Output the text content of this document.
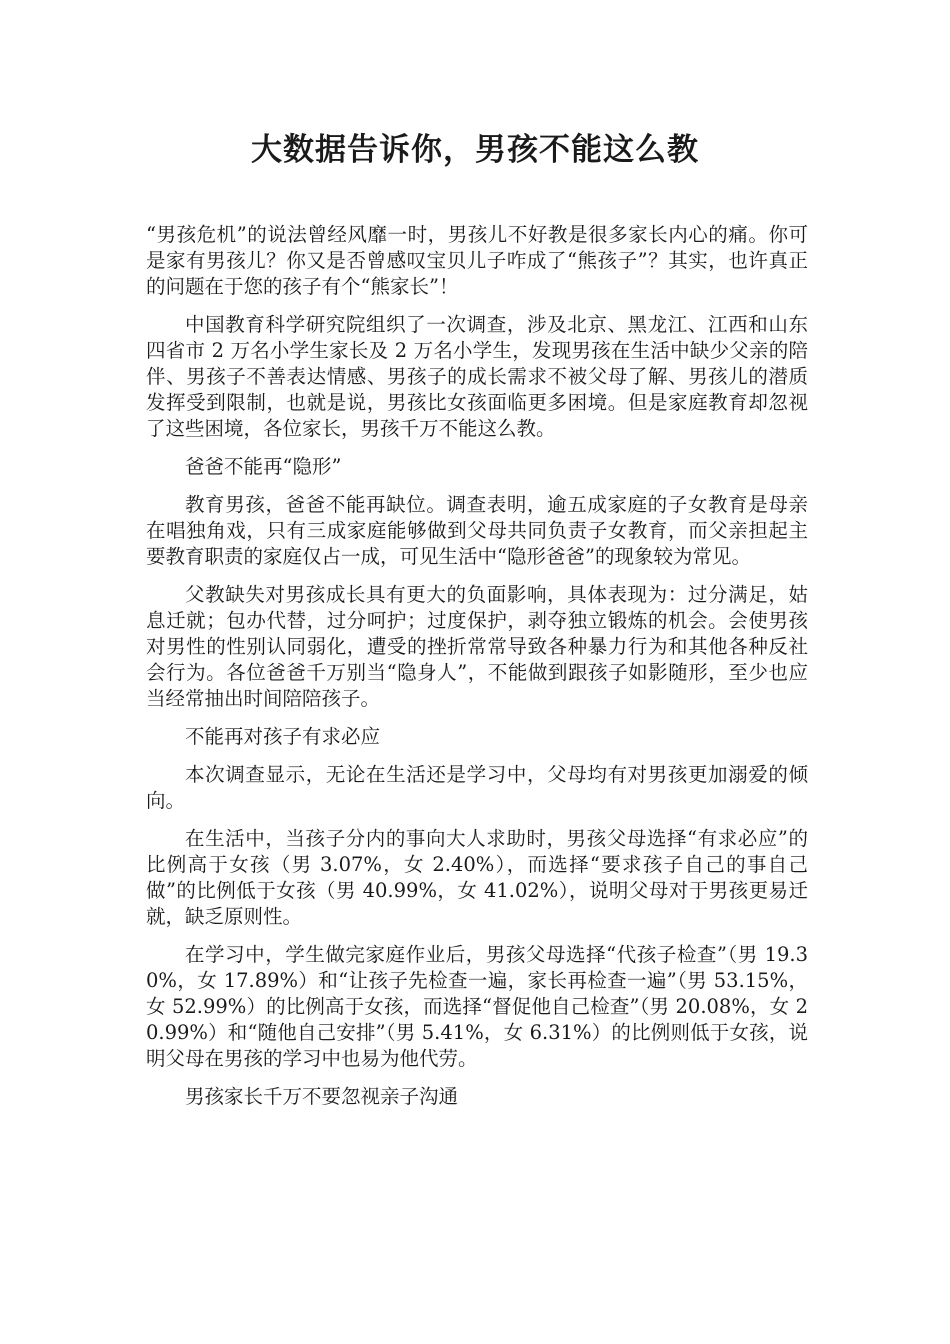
大数据告诉你，男孩不能这么教

“男孩危机”的说法曾经风靡一时，男孩儿不好教是很多家长内心的痛。你可是家有男孩儿？你又是否曾感叹宝贝儿子咋成了“熊孩子”？其实，也许真正的问题在于您的孩子有个“熊家长”！

中国教育科学研究院组织了一次调查，涉及北京、黑龙江、江西和山东四省市 2 万名小学生家长及 2 万名小学生，发现男孩在生活中缺少父亲的陪伴、男孩子不善表达情感、男孩子的成长需求不被父母了解、男孩儿的潜质发挥受到限制，也就是说，男孩比女孩面临更多困境。但是家庭教育却忽视了这些困境，各位家长，男孩千万不能这么教。

爸爸不能再“隐形”

教育男孩，爸爸不能再缺位。调查表明，逾五成家庭的子女教育是母亲在唱独角戏，只有三成家庭能够做到父母共同负责子女教育，而父亲担起主要教育职责的家庭仅占一成，可见生活中“隐形爸爸”的现象较为常见。

父教缺失对男孩成长具有更大的负面影响，具体表现为：过分满足，姑息迁就；包办代替，过分呵护；过度保护，剥夺独立锻炼的机会。会使男孩对男性的性别认同弱化，遭受的挫折常常导致各种暴力行为和其他各种反社会行为。各位爸爸千万别当“隐身人”，不能做到跟孩子如影随形，至少也应当经常抽出时间陪陪孩子。

不能再对孩子有求必应

本次调查显示，无论在生活还是学习中，父母均有对男孩更加溺爱的倾向。

在生活中，当孩子分内的事向大人求助时，男孩父母选择“有求必应”的比例高于女孩（男 3.07%，女 2.40%），而选择“要求孩子自己的事自己做”的比例低于女孩（男 40.99%，女 41.02%），说明父母对于男孩更易迁就，缺乏原则性。

在学习中，学生做完家庭作业后，男孩父母选择“代孩子检查”（男 19.30%，女 17.89%）和“让孩子先检查一遍，家长再检查一遍”（男 53.15%，女 52.99%）的比例高于女孩，而选择“督促他自己检查”（男 20.08%，女 20.99%）和“随他自己安排”（男 5.41%，女 6.31%）的比例则低于女孩，说明父母在男孩的学习中也易为他代劳。

男孩家长千万不要忽视亲子沟通
